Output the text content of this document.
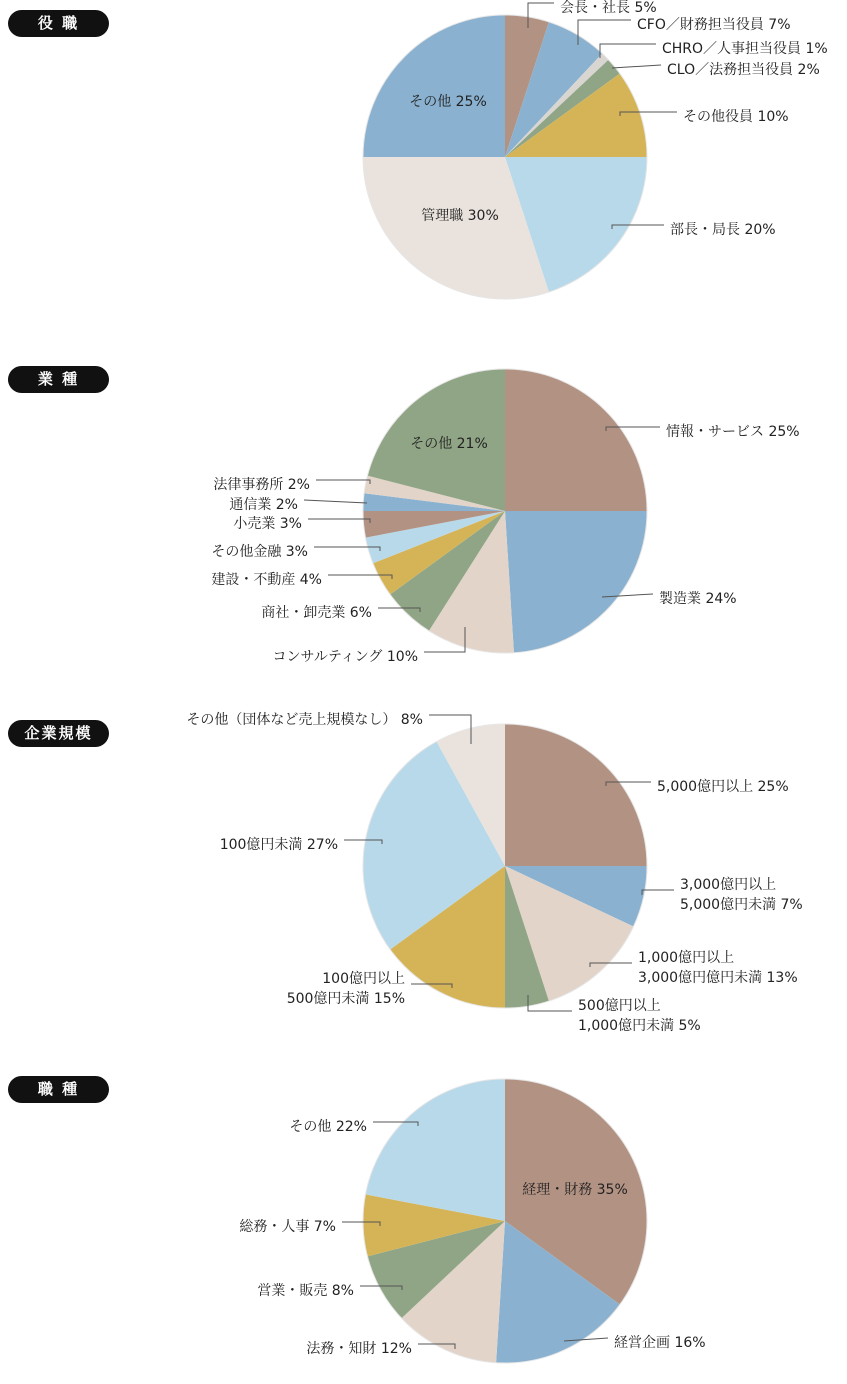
役 職
会長・社長 5%
CFO／財務担当役員 7%
CHRO／人事担当役員 1%
CLO／法務担当役員 2%
その他役員 10%
部長・局長 20%
管理職 30%
その他 25%
業 種
情報・サービス 25%
製造業 24%
コンサルティング 10%
商社・卸売業 6%
建設・不動産 4%
その他金融 3%
小売業 3%
通信業 2%
法律事務所 2%
その他 21%
企業規模
5,000億円以上 25%
3,000億円以上 5,000億円未満 7%
1,000億円以上 3,000億円億円未満 13%
500億円以上 1,000億円未満 5%
100億円以上 500億円未満 15%
100億円未満 27%
その他（団体など売上規模なし） 8%
職 種
経理・財務 35%
経営企画 16%
法務・知財 12%
営業・販売 8%
総務・人事 7%
その他 22%
